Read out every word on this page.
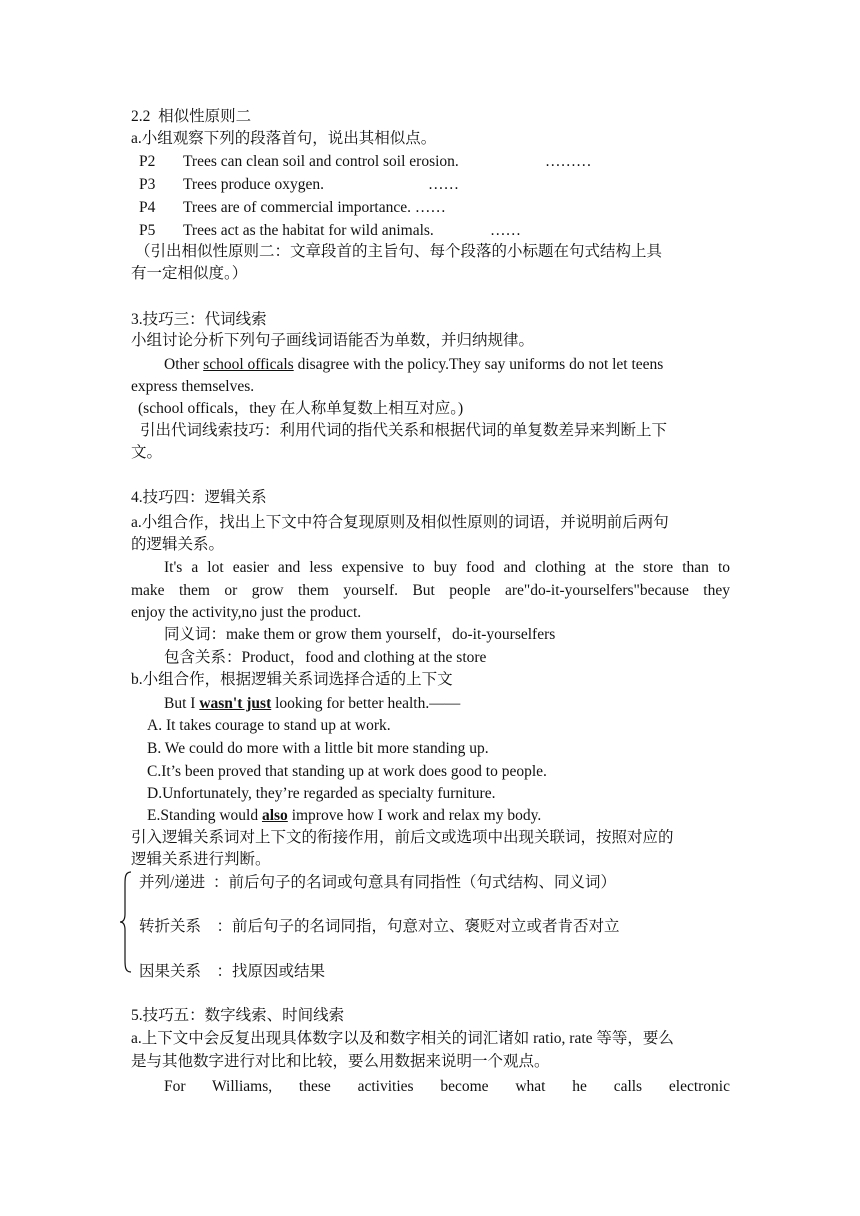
2.2  相似性原则二
a.小组观察下列的段落首句，说出其相似点。
P2 Trees can clean soil and control soil erosion.	………
P3 Trees produce oxygen.	……
P4 Trees are of commercial importance. ……
P5 Trees act as the habitat for wild animals.	……
（引出相似性原则二：文章段首的主旨句、每个段落的小标题在句式结构上具
有一定相似度。）
3.技巧三：代词线索
小组讨论分析下列句子画线词语能否为单数，并归纳规律。
Other school officals disagree with the policy.They say uniforms do not let teens
express themselves.
(school officals，they 在人称单复数上相互对应。)
引出代词线索技巧：利用代词的指代关系和根据代词的单复数差异来判断上下
文。
4.技巧四：逻辑关系
a.小组合作，找出上下文中符合复现原则及相似性原则的词语，并说明前后两句
的逻辑关系。
It's a lot easier and less expensive to buy food and clothing at the store than to
make them or grow them yourself. But people are"do-it-yourselfers"because they
enjoy the activity,no just the product.
同义词：make them or grow them yourself，do-it-yourselfers
包含关系：Product，food and clothing at the store
b.小组合作，根据逻辑关系词选择合适的上下文
But I wasn't just looking for better health.——
A. It takes courage to stand up at work.
B. We could do more with a little bit more standing up.
C.It’s been proved that standing up at work does good to people.
D.Unfortunately, they’re regarded as specialty furniture.
E.Standing would also improve how I work and relax my body.
引入逻辑关系词对上下文的衔接作用，前后文或选项中出现关联词，按照对应的
逻辑关系进行判断。
并列/递进  ：前后句子的名词或句意具有同指性（句式结构、同义词）
转折关系    ：前后句子的名词同指，句意对立、褒贬对立或者肯否对立
因果关系    ：找原因或结果
5.技巧五：数字线索、时间线索
a.上下文中会反复出现具体数字以及和数字相关的词汇诸如 ratio, rate 等等，要么
是与其他数字进行对比和比较，要么用数据来说明一个观点。
For Williams, these activities become what he calls electronic
